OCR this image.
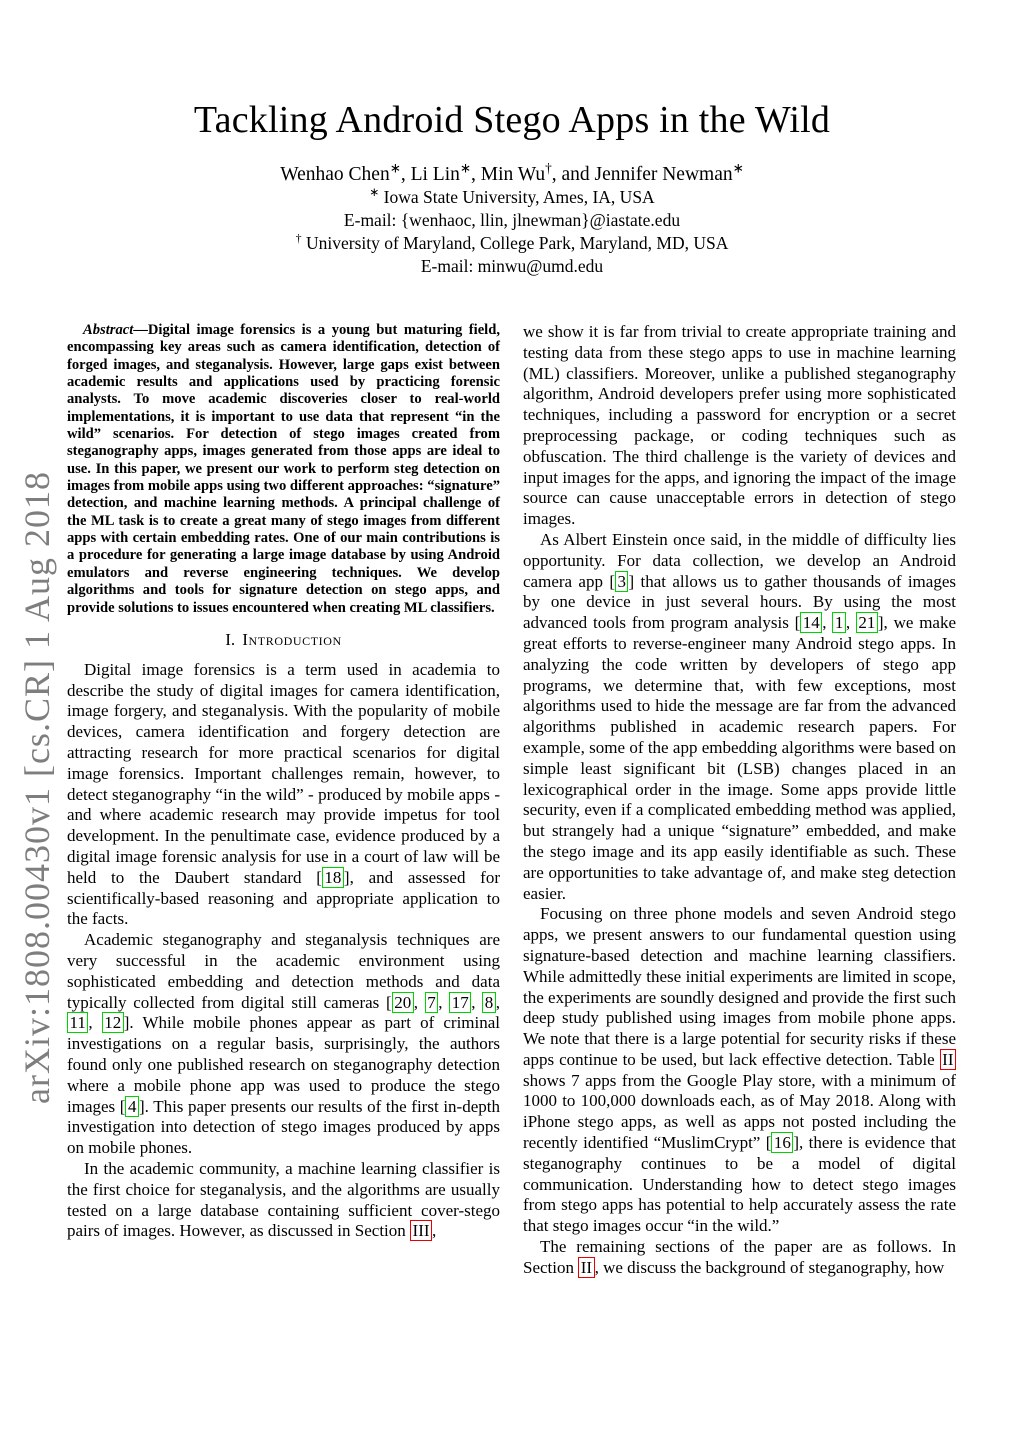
arXiv:1808.00430v1 [cs.CR] 1 Aug 2018
Tackling Android Stego Apps in the Wild
Wenhao Chen∗, Li Lin∗, Min Wu†, and Jennifer Newman∗
∗ Iowa State University, Ames, IA, USA
E-mail: {wenhaoc, llin, jlnewman}@iastate.edu
† University of Maryland, College Park, Maryland, MD, USA
E-mail: minwu@umd.edu

Abstract—Digital image forensics is a young but maturing field, encompassing key areas such as camera identification, detection of forged images, and steganalysis. However, large gaps exist between academic results and applications used by practicing forensic analysts. To move academic discoveries closer to real-world implementations, it is important to use data that represent “in the wild” scenarios. For detection of stego images created from steganography apps, images generated from those apps are ideal to use. In this paper, we present our work to perform steg detection on images from mobile apps using two different approaches: “signature” detection, and machine learning methods. A principal challenge of the ML task is to create a great many of stego images from different apps with certain embedding rates. One of our main contributions is a procedure for generating a large image database by using Android emulators and reverse engineering techniques. We develop algorithms and tools for signature detection on stego apps, and provide solutions to issues encountered when creating ML classifiers.

I. Introduction

Digital image forensics is a term used in academia to describe the study of digital images for camera identification, image forgery, and steganalysis. With the popularity of mobile devices, camera identification and forgery detection are attracting research for more practical scenarios for digital image forensics. Important challenges remain, however, to detect steganography “in the wild” - produced by mobile apps - and where academic research may provide impetus for tool development. In the penultimate case, evidence produced by a digital image forensic analysis for use in a court of law will be held to the Daubert standard [ 18 ], and assessed for scientifically-based reasoning and appropriate application to the facts.

Academic steganography and steganalysis techniques are very successful in the academic environment using sophisticated embedding and detection methods and data typically collected from digital still cameras [ 20 , 7 , 17 , 8 , 11 , 12 ]. While mobile phones appear as part of criminal investigations on a regular basis, surprisingly, the authors found only one published research on steganography detection where a mobile phone app was used to produce the stego images [ 4 ]. This paper presents our results of the first in-depth investigation into detection of stego images produced by apps on mobile phones.

In the academic community, a machine learning classifier is the first choice for steganalysis, and the algorithms are usually tested on a large database containing sufficient cover-stego pairs of images. However, as discussed in Section III ,

we show it is far from trivial to create appropriate training and testing data from these stego apps to use in machine learning (ML) classifiers. Moreover, unlike a published steganography algorithm, Android developers prefer using more sophisticated techniques, including a password for encryption or a secret preprocessing package, or coding techniques such as obfuscation. The third challenge is the variety of devices and input images for the apps, and ignoring the impact of the image source can cause unacceptable errors in detection of stego images.

As Albert Einstein once said, in the middle of difficulty lies opportunity. For data collection, we develop an Android camera app [ 3 ] that allows us to gather thousands of images by one device in just several hours. By using the most advanced tools from program analysis [ 14 , 1 , 21 ], we make great efforts to reverse-engineer many Android stego apps. In analyzing the code written by developers of stego app programs, we determine that, with few exceptions, most algorithms used to hide the message are far from the advanced algorithms published in academic research papers. For example, some of the app embedding algorithms were based on simple least significant bit (LSB) changes placed in an lexicographical order in the image. Some apps provide little security, even if a complicated embedding method was applied, but strangely had a unique “signature” embedded, and make the stego image and its app easily identifiable as such. These are opportunities to take advantage of, and make steg detection easier.

Focusing on three phone models and seven Android stego apps, we present answers to our fundamental question using signature-based detection and machine learning classifiers. While admittedly these initial experiments are limited in scope, the experiments are soundly designed and provide the first such deep study published using images from mobile phone apps. We note that there is a large potential for security risks if these apps continue to be used, but lack effective detection. Table II shows 7 apps from the Google Play store, with a minimum of 1000 to 100,000 downloads each, as of May 2018. Along with iPhone stego apps, as well as apps not posted including the recently identified “MuslimCrypt” [ 16 ], there is evidence that steganography continues to be a model of digital communication. Understanding how to detect stego images from stego apps has potential to help accurately assess the rate that stego images occur “in the wild.”

The remaining sections of the paper are as follows. In Section II , we discuss the background of steganography, how
